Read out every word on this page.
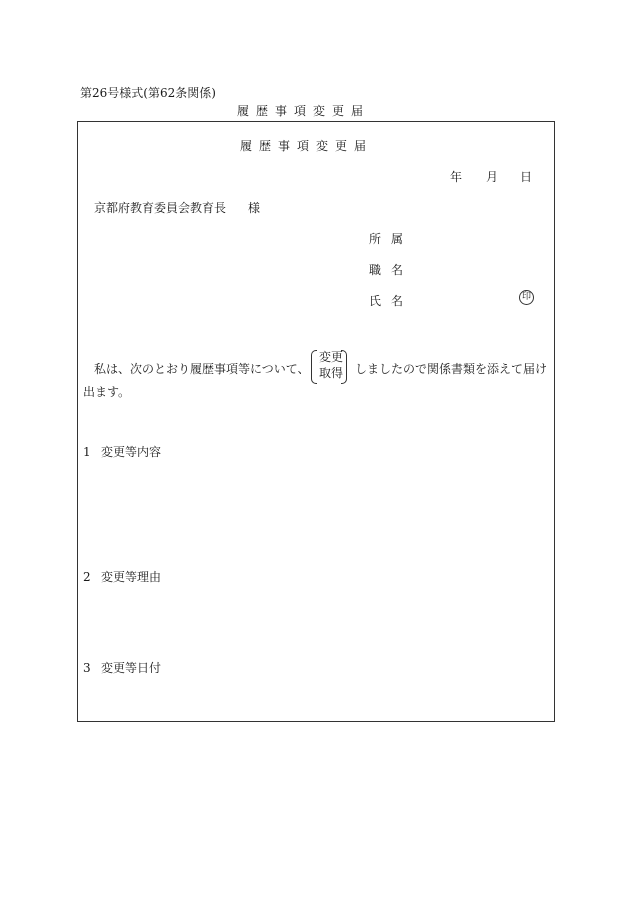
第26号様式(第62条関係)
履歴事項変更届
履歴事項変更届
年 月 日
京都府教育委員会教育長 様
所属
職名
氏名	印
私は、次のとおり履歴事項等について、
変更
取得 しましたので関係書類を添えて届け
出ます。
1 変更等内容
2 変更等理由
3 変更等日付
